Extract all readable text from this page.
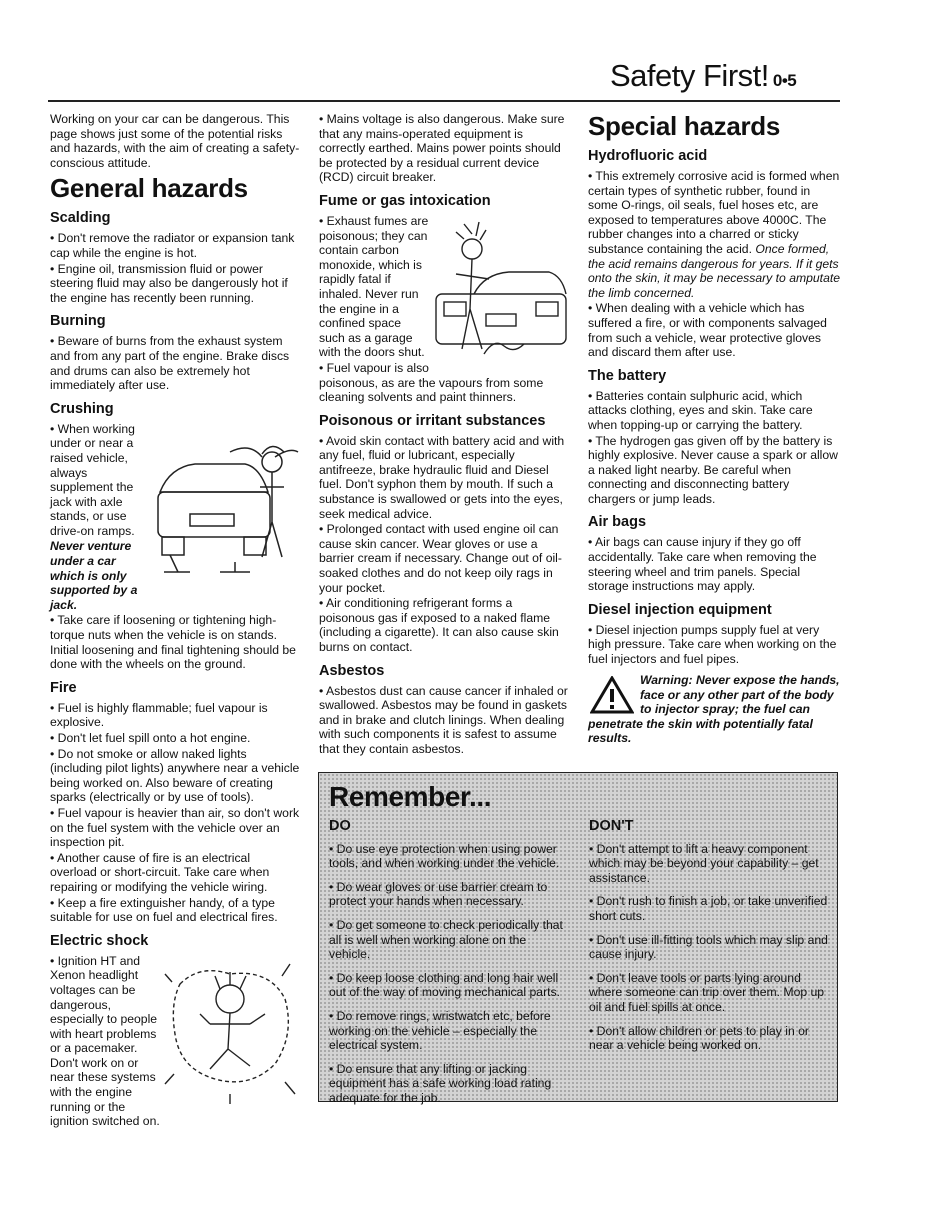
Safety First! 0•5

Working on your car can be dangerous. This page shows just some of the potential risks and hazards, with the aim of creating a safety-conscious attitude.

General hazards
Scalding

• Don't remove the radiator or expansion tank cap while the engine is hot.

• Engine oil, transmission fluid or power steering fluid may also be dangerously hot if the engine has recently been running.

Burning

• Beware of burns from the exhaust system and from any part of the engine. Brake discs and drums can also be extremely hot immediately after use.

Crushing

• When working under or near a raised vehicle, always supplement the jack with axle stands, or use drive-on ramps.

Never venture under a car which is only supported by a jack.

• Take care if loosening or tightening high-torque nuts when the vehicle is on stands. Initial loosening and final tightening should be done with the wheels on the ground.

Fire

• Fuel is highly flammable; fuel vapour is explosive.

• Don't let fuel spill onto a hot engine.

• Do not smoke or allow naked lights (including pilot lights) anywhere near a vehicle being worked on. Also beware of creating sparks (electrically or by use of tools).

• Fuel vapour is heavier than air, so don't work on the fuel system with the vehicle over an inspection pit.

• Another cause of fire is an electrical overload or short-circuit. Take care when repairing or modifying the vehicle wiring.

• Keep a fire extinguisher handy, of a type suitable for use on fuel and electrical fires.

Electric shock

• Ignition HT and Xenon headlight voltages can be dangerous, especially to people with heart problems or a pacemaker. Don't work on or near these systems with the engine running or the ignition switched on.

• Mains voltage is also dangerous. Make sure that any mains-operated equipment is correctly earthed. Mains power points should be protected by a residual current device (RCD) circuit breaker.

Fume or gas intoxication

• Exhaust fumes are poisonous; they can contain carbon monoxide, which is rapidly fatal if inhaled. Never run the engine in a confined space such as a garage with the doors shut.

• Fuel vapour is also poisonous, as are the vapours from some cleaning solvents and paint thinners.

Poisonous or irritant substances

• Avoid skin contact with battery acid and with any fuel, fluid or lubricant, especially antifreeze, brake hydraulic fluid and Diesel fuel. Don't syphon them by mouth. If such a substance is swallowed or gets into the eyes, seek medical advice.

• Prolonged contact with used engine oil can cause skin cancer. Wear gloves or use a barrier cream if necessary. Change out of oil-soaked clothes and do not keep oily rags in your pocket.

• Air conditioning refrigerant forms a poisonous gas if exposed to a naked flame (including a cigarette). It can also cause skin burns on contact.

Asbestos

• Asbestos dust can cause cancer if inhaled or swallowed. Asbestos may be found in gaskets and in brake and clutch linings. When dealing with such components it is safest to assume that they contain asbestos.

Special hazards
Hydrofluoric acid

• This extremely corrosive acid is formed when certain types of synthetic rubber, found in some O-rings, oil seals, fuel hoses etc, are exposed to temperatures above 4000C. The rubber changes into a charred or sticky substance containing the acid. Once formed, the acid remains dangerous for years. If it gets onto the skin, it may be necessary to amputate the limb concerned.

• When dealing with a vehicle which has suffered a fire, or with components salvaged from such a vehicle, wear protective gloves and discard them after use.

The battery

• Batteries contain sulphuric acid, which attacks clothing, eyes and skin. Take care when topping-up or carrying the battery.

• The hydrogen gas given off by the battery is highly explosive. Never cause a spark or allow a naked light nearby. Be careful when connecting and disconnecting battery chargers or jump leads.

Air bags

• Air bags can cause injury if they go off accidentally. Take care when removing the steering wheel and trim panels. Special storage instructions may apply.

Diesel injection equipment

• Diesel injection pumps supply fuel at very high pressure. Take care when working on the fuel injectors and fuel pipes.

Warning: Never expose the hands,
face or any other part of the body
to injector spray; the fuel can
penetrate the skin with potentially fatal results.
Remember...
DO

• Do use eye protection when using power tools, and when working under the vehicle.

• Do wear gloves or use barrier cream to protect your hands when necessary.

• Do get someone to check periodically that all is well when working alone on the vehicle.

• Do keep loose clothing and long hair well out of the way of moving mechanical parts.

• Do remove rings, wristwatch etc, before working on the vehicle – especially the electrical system.

• Do ensure that any lifting or jacking equipment has a safe working load rating adequate for the job.

DON'T

• Don't attempt to lift a heavy component which may be beyond your capability – get assistance.

• Don't rush to finish a job, or take unverified short cuts.

• Don't use ill-fitting tools which may slip and cause injury.

• Don't leave tools or parts lying around where someone can trip over them. Mop up oil and fuel spills at once.

• Don't allow children or pets to play in or near a vehicle being worked on.
